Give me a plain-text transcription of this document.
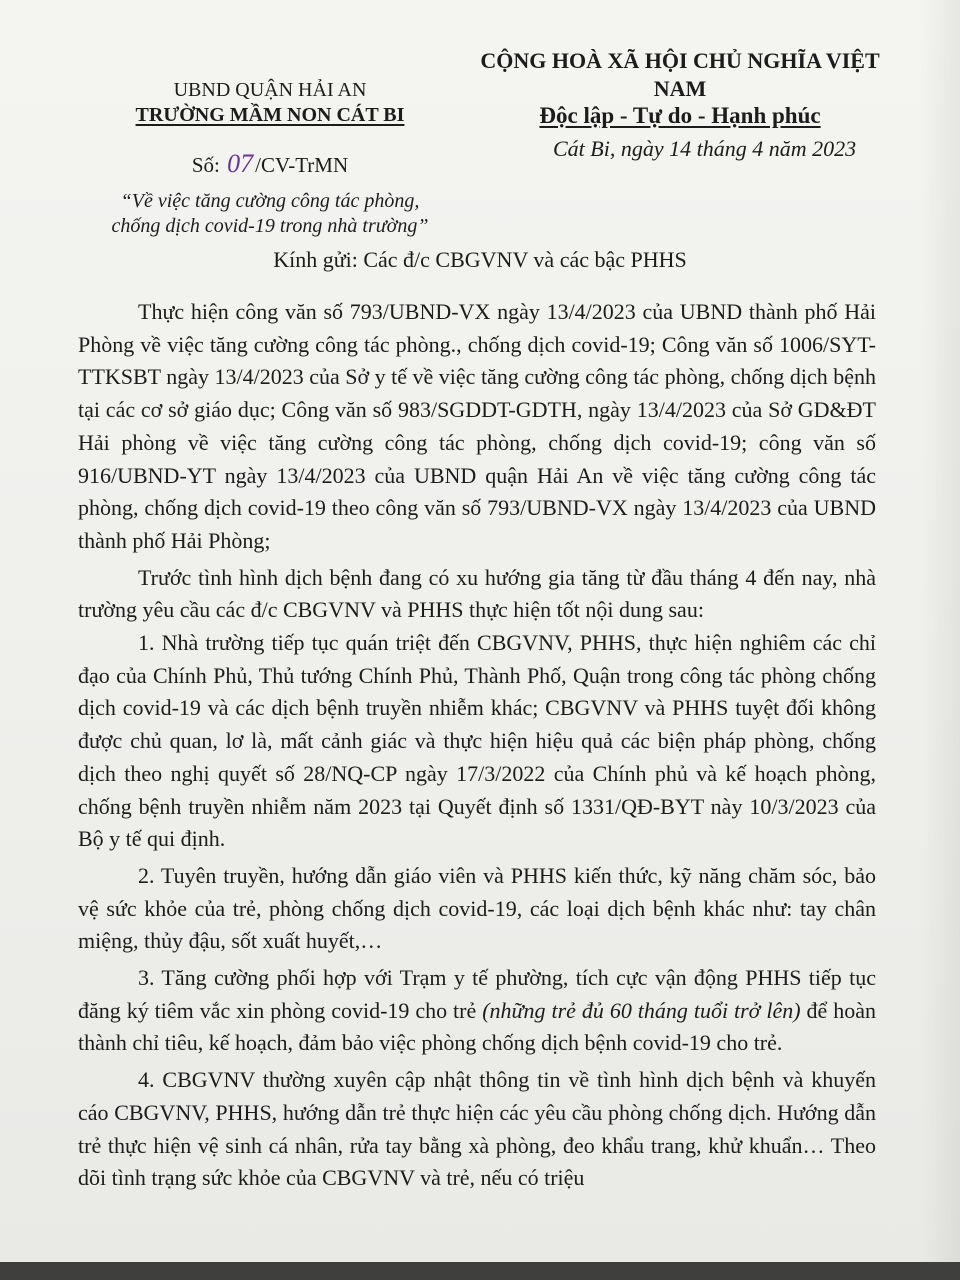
UBND QUẬN HẢI AN
TRƯỜNG MẦM NON CÁT BI
Số: 07/CV-TrMN
“Về việc tăng cường công tác phòng,
chống dịch covid-19 trong nhà trường”
CỘNG HOÀ XÃ HỘI CHỦ NGHĨA VIỆT NAM
Độc lập - Tự do - Hạnh phúc
Cát Bi, ngày 14 tháng 4 năm 2023
Kính gửi: Các đ/c CBGVNV và các bậc PHHS

Thực hiện công văn số 793/UBND-VX ngày 13/4/2023 của UBND thành phố Hải Phòng về việc tăng cường công tác phòng., chống dịch covid-19; Công văn số 1006/SYT-TTKSBT ngày 13/4/2023 của Sở y tế về việc tăng cường công tác phòng, chống dịch bệnh tại các cơ sở giáo dục; Công văn số 983/SGDDT-GDTH, ngày 13/4/2023 của Sở GD&ĐT Hải phòng về việc tăng cường công tác phòng, chống dịch covid-19; công văn số 916/UBND-YT ngày 13/4/2023 của UBND quận Hải An về việc tăng cường công tác phòng, chống dịch covid-19 theo công văn số 793/UBND-VX ngày 13/4/2023 của UBND thành phố Hải Phòng;

Trước tình hình dịch bệnh đang có xu hướng gia tăng từ đầu tháng 4 đến nay, nhà trường yêu cầu các đ/c CBGVNV và PHHS thực hiện tốt nội dung sau:

1. Nhà trường tiếp tục quán triệt đến CBGVNV, PHHS, thực hiện nghiêm các chỉ đạo của Chính Phủ, Thủ tướng Chính Phủ, Thành Phố, Quận trong công tác phòng chống dịch covid-19 và các dịch bệnh truyền nhiễm khác; CBGVNV và PHHS tuyệt đối không được chủ quan, lơ là, mất cảnh giác và thực hiện hiệu quả các biện pháp phòng, chống dịch theo nghị quyết số 28/NQ-CP ngày 17/3/2022 của Chính phủ và kế hoạch phòng, chống bệnh truyền nhiễm năm 2023 tại Quyết định số 1331/QĐ-BYT này 10/3/2023 của Bộ y tế qui định.

2. Tuyên truyền, hướng dẫn giáo viên và PHHS kiến thức, kỹ năng chăm sóc, bảo vệ sức khỏe của trẻ, phòng chống dịch covid-19, các loại dịch bệnh khác như: tay chân miệng, thủy đậu, sốt xuất huyết,…

3. Tăng cường phối hợp với Trạm y tế phường, tích cực vận động PHHS tiếp tục đăng ký tiêm vắc xin phòng covid-19 cho trẻ (những trẻ đủ 60 tháng tuổi trở lên) để hoàn thành chỉ tiêu, kế hoạch, đảm bảo việc phòng chống dịch bệnh covid-19 cho trẻ.

4. CBGVNV thường xuyên cập nhật thông tin về tình hình dịch bệnh và khuyến cáo CBGVNV, PHHS, hướng dẫn trẻ thực hiện các yêu cầu phòng chống dịch. Hướng dẫn trẻ thực hiện vệ sinh cá nhân, rửa tay bằng xà phòng, đeo khẩu trang, khử khuẩn… Theo dõi tình trạng sức khỏe của CBGVNV và trẻ, nếu có triệu
